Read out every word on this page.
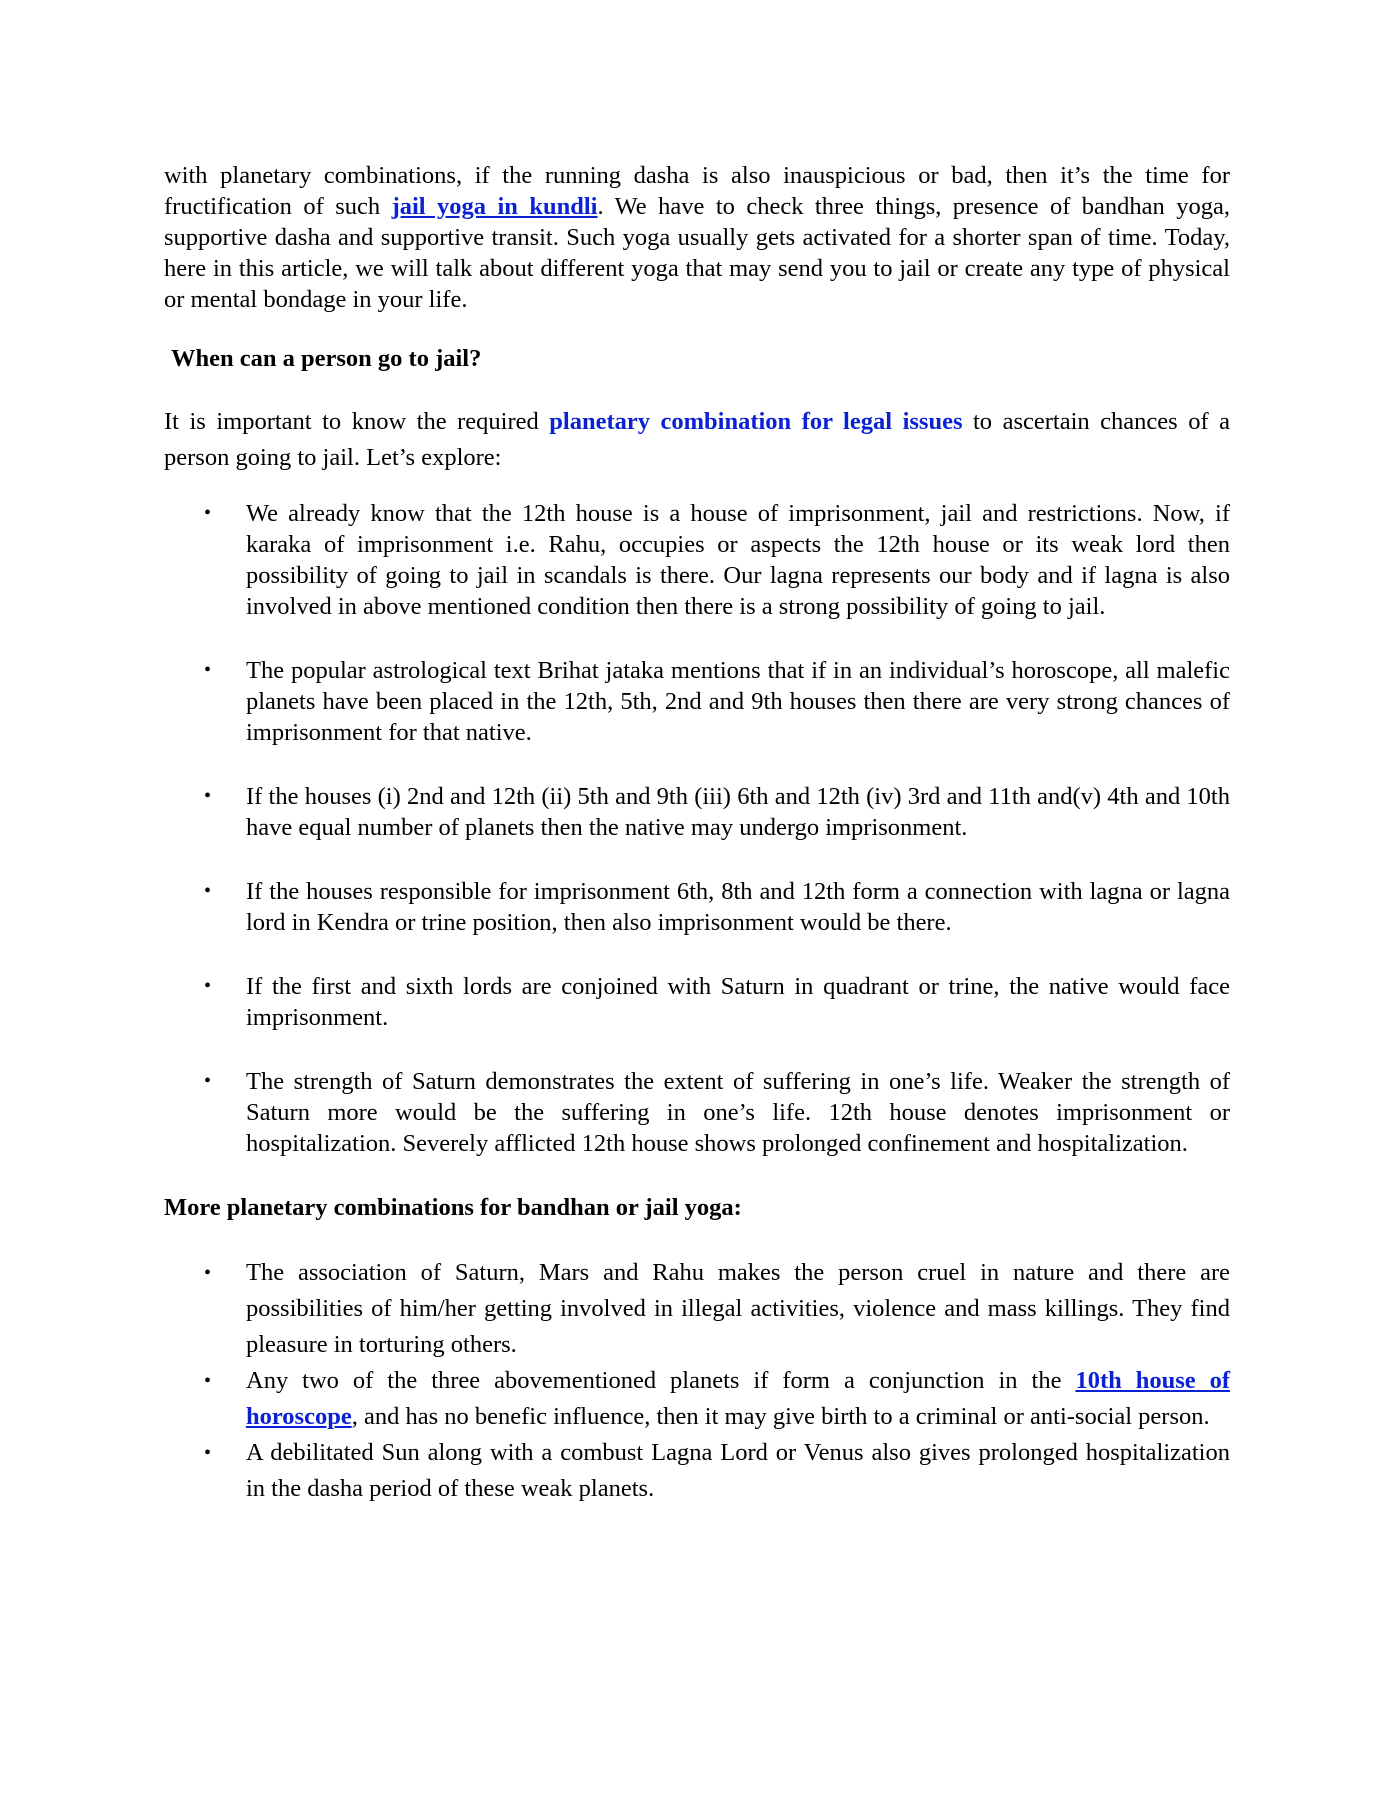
with planetary combinations, if the running dasha is also inauspicious or bad, then it’s the time for fructification of such jail yoga in kundli. We have to check three things, presence of bandhan yoga, supportive dasha and supportive transit. Such yoga usually gets activated for a shorter span of time. Today, here in this article, we will talk about different yoga that may send you to jail or create any type of physical or mental bondage in your life.

When can a person go to jail?

It is important to know the required planetary combination for legal issues to ascertain chances of a person going to jail. Let’s explore:

• We already know that the 12th house is a house of imprisonment, jail and restrictions. Now, if karaka of imprisonment i.e. Rahu, occupies or aspects the 12th house or its weak lord then possibility of going to jail in scandals is there. Our lagna represents our body and if lagna is also involved in above mentioned condition then there is a strong possibility of going to jail.

• The popular astrological text Brihat jataka mentions that if in an individual’s horoscope, all malefic planets have been placed in the 12th, 5th, 2nd and 9th houses then there are very strong chances of imprisonment for that native.

• If the houses (i) 2nd and 12th (ii) 5th and 9th (iii) 6th and 12th (iv) 3rd and 11th and(v) 4th and 10th have equal number of planets then the native may undergo imprisonment.

• If the houses responsible for imprisonment 6th, 8th and 12th form a connection with lagna or lagna lord in Kendra or trine position, then also imprisonment would be there.

• If the first and sixth lords are conjoined with Saturn in quadrant or trine, the native would face imprisonment.

• The strength of Saturn demonstrates the extent of suffering in one’s life. Weaker the strength of Saturn more would be the suffering in one’s life. 12th house denotes imprisonment or hospitalization. Severely afflicted 12th house shows prolonged confinement and hospitalization.

More planetary combinations for bandhan or jail yoga:
• The association of Saturn, Mars and Rahu makes the person cruel in nature and there are possibilities of him/her getting involved in illegal activities, violence and mass killings. They find pleasure in torturing others.

• Any two of the three abovementioned planets if form a conjunction in the 10th house of horoscope, and has no benefic influence, then it may give birth to a criminal or anti-social person.

• A debilitated Sun along with a combust Lagna Lord or Venus also gives prolonged hospitalization in the dasha period of these weak planets.
